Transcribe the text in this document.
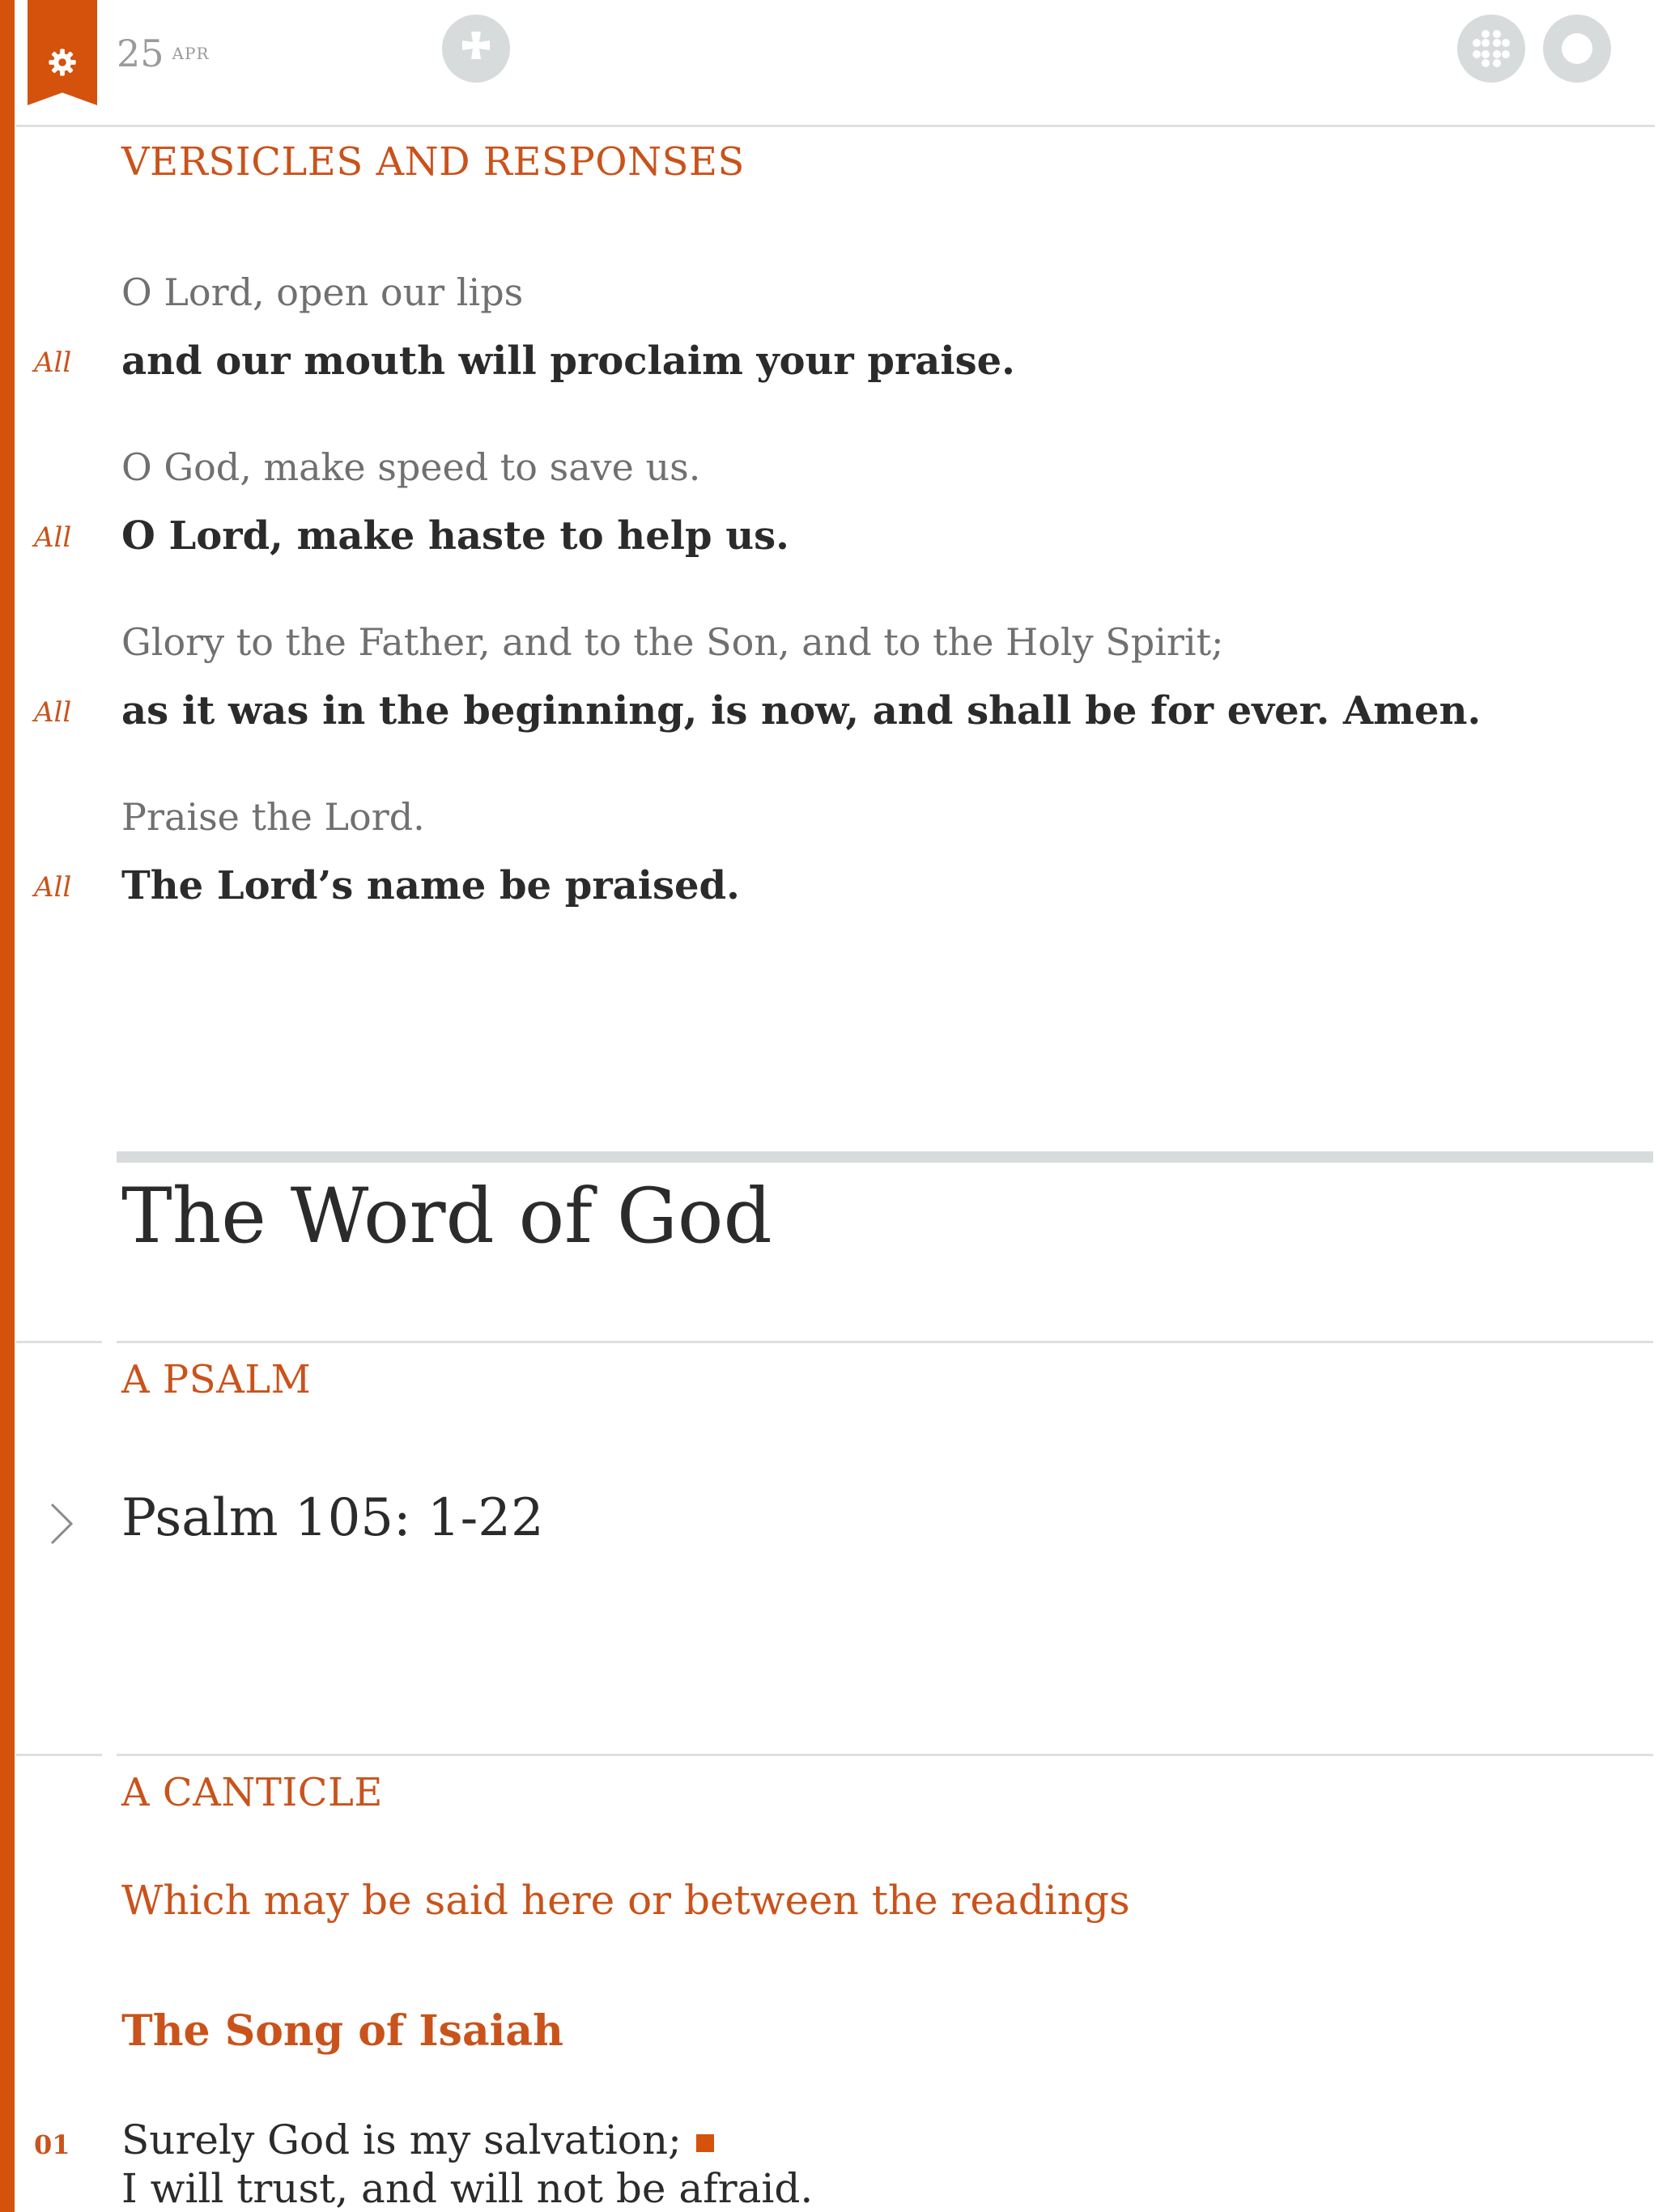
25 APR
VERSICLES AND RESPONSES
O Lord, open our lips
All and our mouth will proclaim your praise.
O God, make speed to save us.
All O Lord, make haste to help us.
Glory to the Father, and to the Son, and to the Holy Spirit;
All as it was in the beginning, is now, and shall be for ever. Amen.
Praise the Lord.
All The Lord’s name be praised.
The Word of God
A PSALM
Psalm 105: 1-22
A CANTICLE
Which may be said here or between the readings
The Song of Isaiah
01 Surely God is my salvation;
I will trust, and will not be afraid.
